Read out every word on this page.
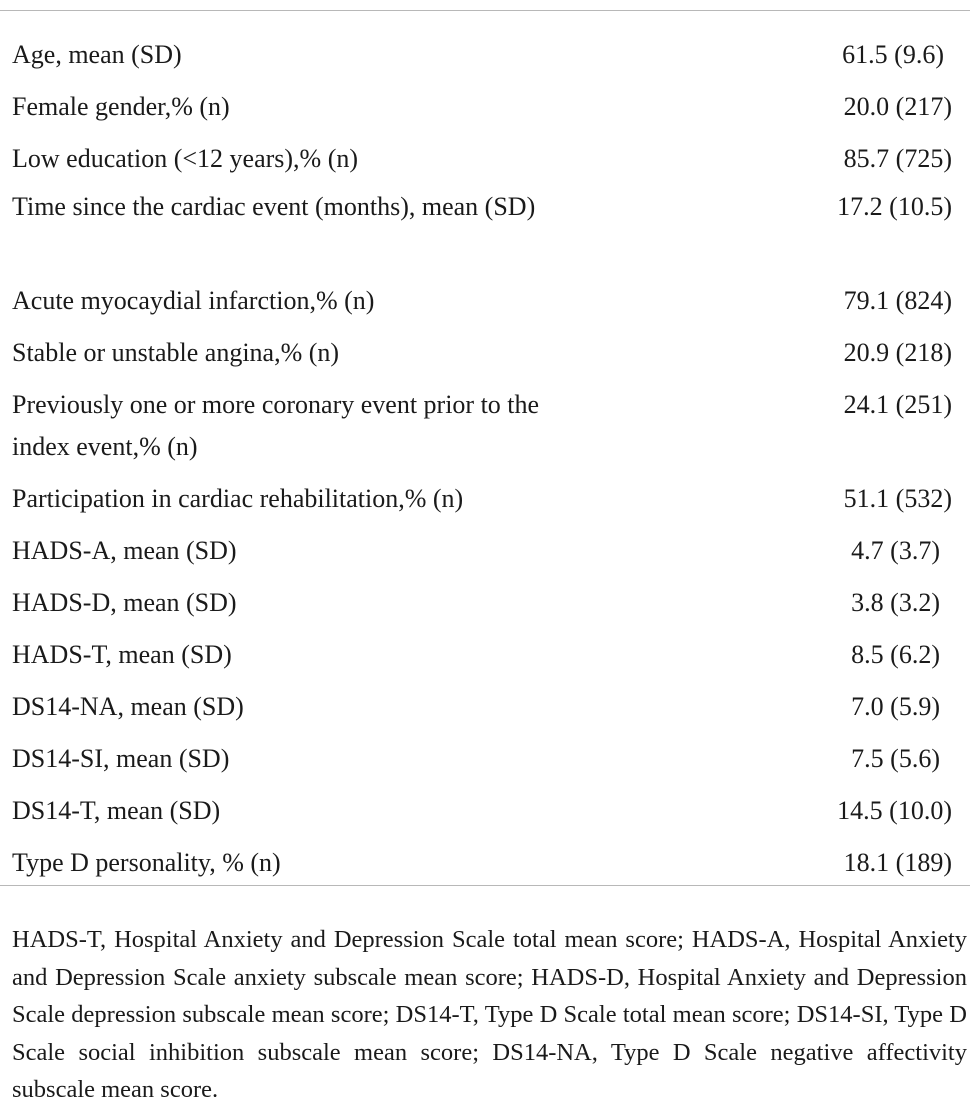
Age, mean (SD)	61.5 (9.6)
Female gender,% (n)	20.0 (217)
Low education (<12 years),% (n)	85.7 (725)
Time since the cardiac event (months), mean (SD)	17.2 (10.5)
Acute myocaydial infarction,% (n)	79.1 (824)
Stable or unstable angina,% (n)	20.9 (218)
Previously one or more coronary event prior to the index event,% (n)
24.1 (251)
Participation in cardiac rehabilitation,% (n)	51.1 (532)
HADS-A, mean (SD)	4.7 (3.7)
HADS-D, mean (SD)	3.8 (3.2)
HADS-T, mean (SD)	8.5 (6.2)
DS14-NA, mean (SD)	7.0 (5.9)
DS14-SI, mean (SD)	7.5 (5.6)
DS14-T, mean (SD)	14.5 (10.0)
Type D personality, % (n)	18.1 (189)

HADS-T, Hospital Anxiety and Depression Scale total mean score; HADS-A, Hospital Anxiety and Depression Scale anxiety subscale mean score; HADS-D, Hospital Anxiety and Depression Scale depression subscale mean score; DS14-T, Type D Scale total mean score; DS14-SI, Type D Scale social inhibition subscale mean score; DS14-NA, Type D Scale negative affectivity subscale mean score.
